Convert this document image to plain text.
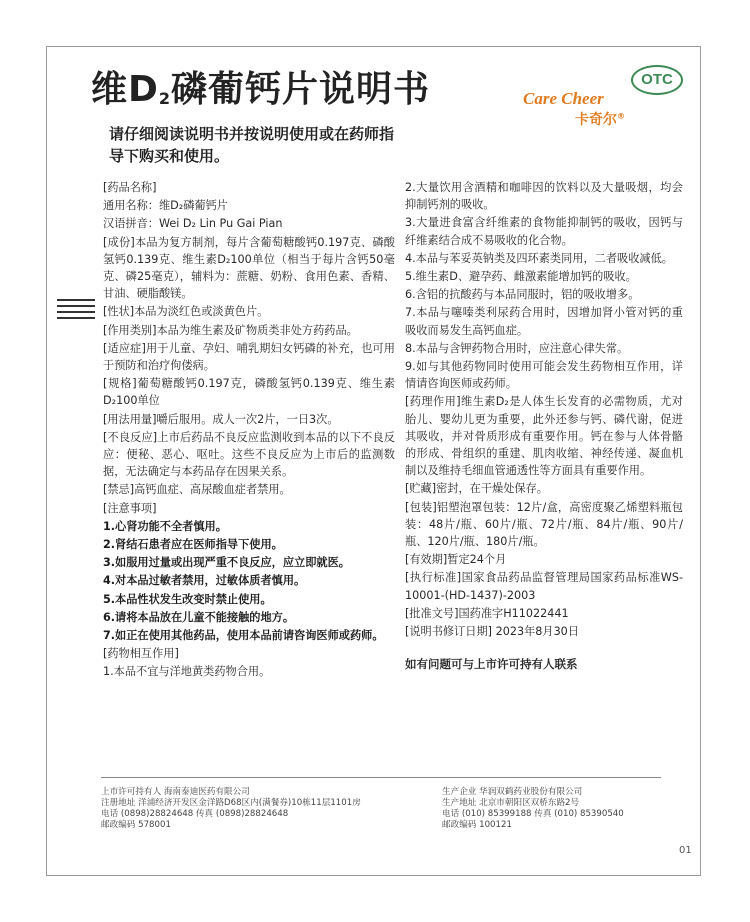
维$D_2$磷葡钙片说明书	OTC
Care Cheer
卡奇尔®
请仔细阅读说明书并按说明使用或在药师指导下购买和使用。
[药品名称]
通用名称：维D₂磷葡钙片
汉语拼音：Wei D₂ Lin Pu Gai Pian
[成份]本品为复方制剂，每片含葡萄糖酸钙0.197克、磷酸氢钙0.139克、维生素D₂100单位（相当于每片含钙50毫克、磷25毫克），辅料为：蔗糖、奶粉、食用色素、香精、甘油、硬脂酸镁。
[性状]本品为淡红色或淡黄色片。
[作用类别]本品为维生素及矿物质类非处方药药品。
[适应症]用于儿童、孕妇、哺乳期妇女钙磷的补充，也可用于预防和治疗佝偻病。
[规格]葡萄糖酸钙0.197克，磷酸氢钙0.139克、维生素D₂100单位
[用法用量]嚼后服用。成人一次2片，一日3次。
[不良反应]上市后药品不良反应监测收到本品的以下不良反应：便秘、恶心、呕吐。这些不良反应为上市后的监测数据，无法确定与本药品存在因果关系。
[禁忌]高钙血症、高尿酸血症者禁用。
[注意事项]
1.心肾功能不全者慎用。
2.肾结石患者应在医师指导下使用。
3.如服用过量或出现严重不良反应，应立即就医。
4.对本品过敏者禁用，过敏体质者慎用。
5.本品性状发生改变时禁止使用。
6.请将本品放在儿童不能接触的地方。
7.如正在使用其他药品，使用本品前请咨询医师或药师。
[药物相互作用]
1.本品不宜与洋地黄类药物合用。
2.大量饮用含酒精和咖啡因的饮料以及大量吸烟，均会抑制钙剂的吸收。
3.大量进食富含纤维素的食物能抑制钙的吸收，因钙与纤维素结合成不易吸收的化合物。
4.本品与苯妥英钠类及四环素类同用，二者吸收减低。
5.维生素D、避孕药、雌激素能增加钙的吸收。
6.含铝的抗酸药与本品同服时，铝的吸收增多。
7.本品与噻嗪类利尿药合用时，因增加肾小管对钙的重吸收而易发生高钙血症。
8.本品与含钾药物合用时，应注意心律失常。
9.如与其他药物同时使用可能会发生药物相互作用，详情请咨询医师或药师。
[药理作用]维生素D₂是人体生长发育的必需物质，尤对胎儿、婴幼儿更为重要，此外还参与钙、磷代谢，促进其吸收，并对骨质形成有重要作用。钙在参与人体骨骼的形成、骨组织的重建、肌肉收缩、神经传递、凝血机制以及维持毛细血管通透性等方面具有重要作用。
[贮藏]密封，在干燥处保存。
[包装]铝塑泡罩包装：12片/盒，高密度聚乙烯塑料瓶包装：48片/瓶、60片/瓶、72片/瓶、84片/瓶、90片/瓶、120片/瓶、180片/瓶。
[有效期]暂定24个月
[执行标准]国家食品药品监督管理局国家药品标准WS-10001-(HD-1437)-2003
[批准文号]国药准字H11022441
[说明书修订日期] 2023年8月30日
如有问题可与上市许可持有人联系
上市许可持有人 海南泰迪医药有限公司
注册地址 洋浦经济开发区金洋路D68区内(满餐券)10栋11层1101房
电话 (0898)28824648 传真 (0898)28824648
邮政编码 578001
生产企业 华润双鹤药业股份有限公司
生产地址 北京市朝阳区双桥东路2号
电话 (010) 85399188 传真 (010) 85390540
邮政编码 100121
01
